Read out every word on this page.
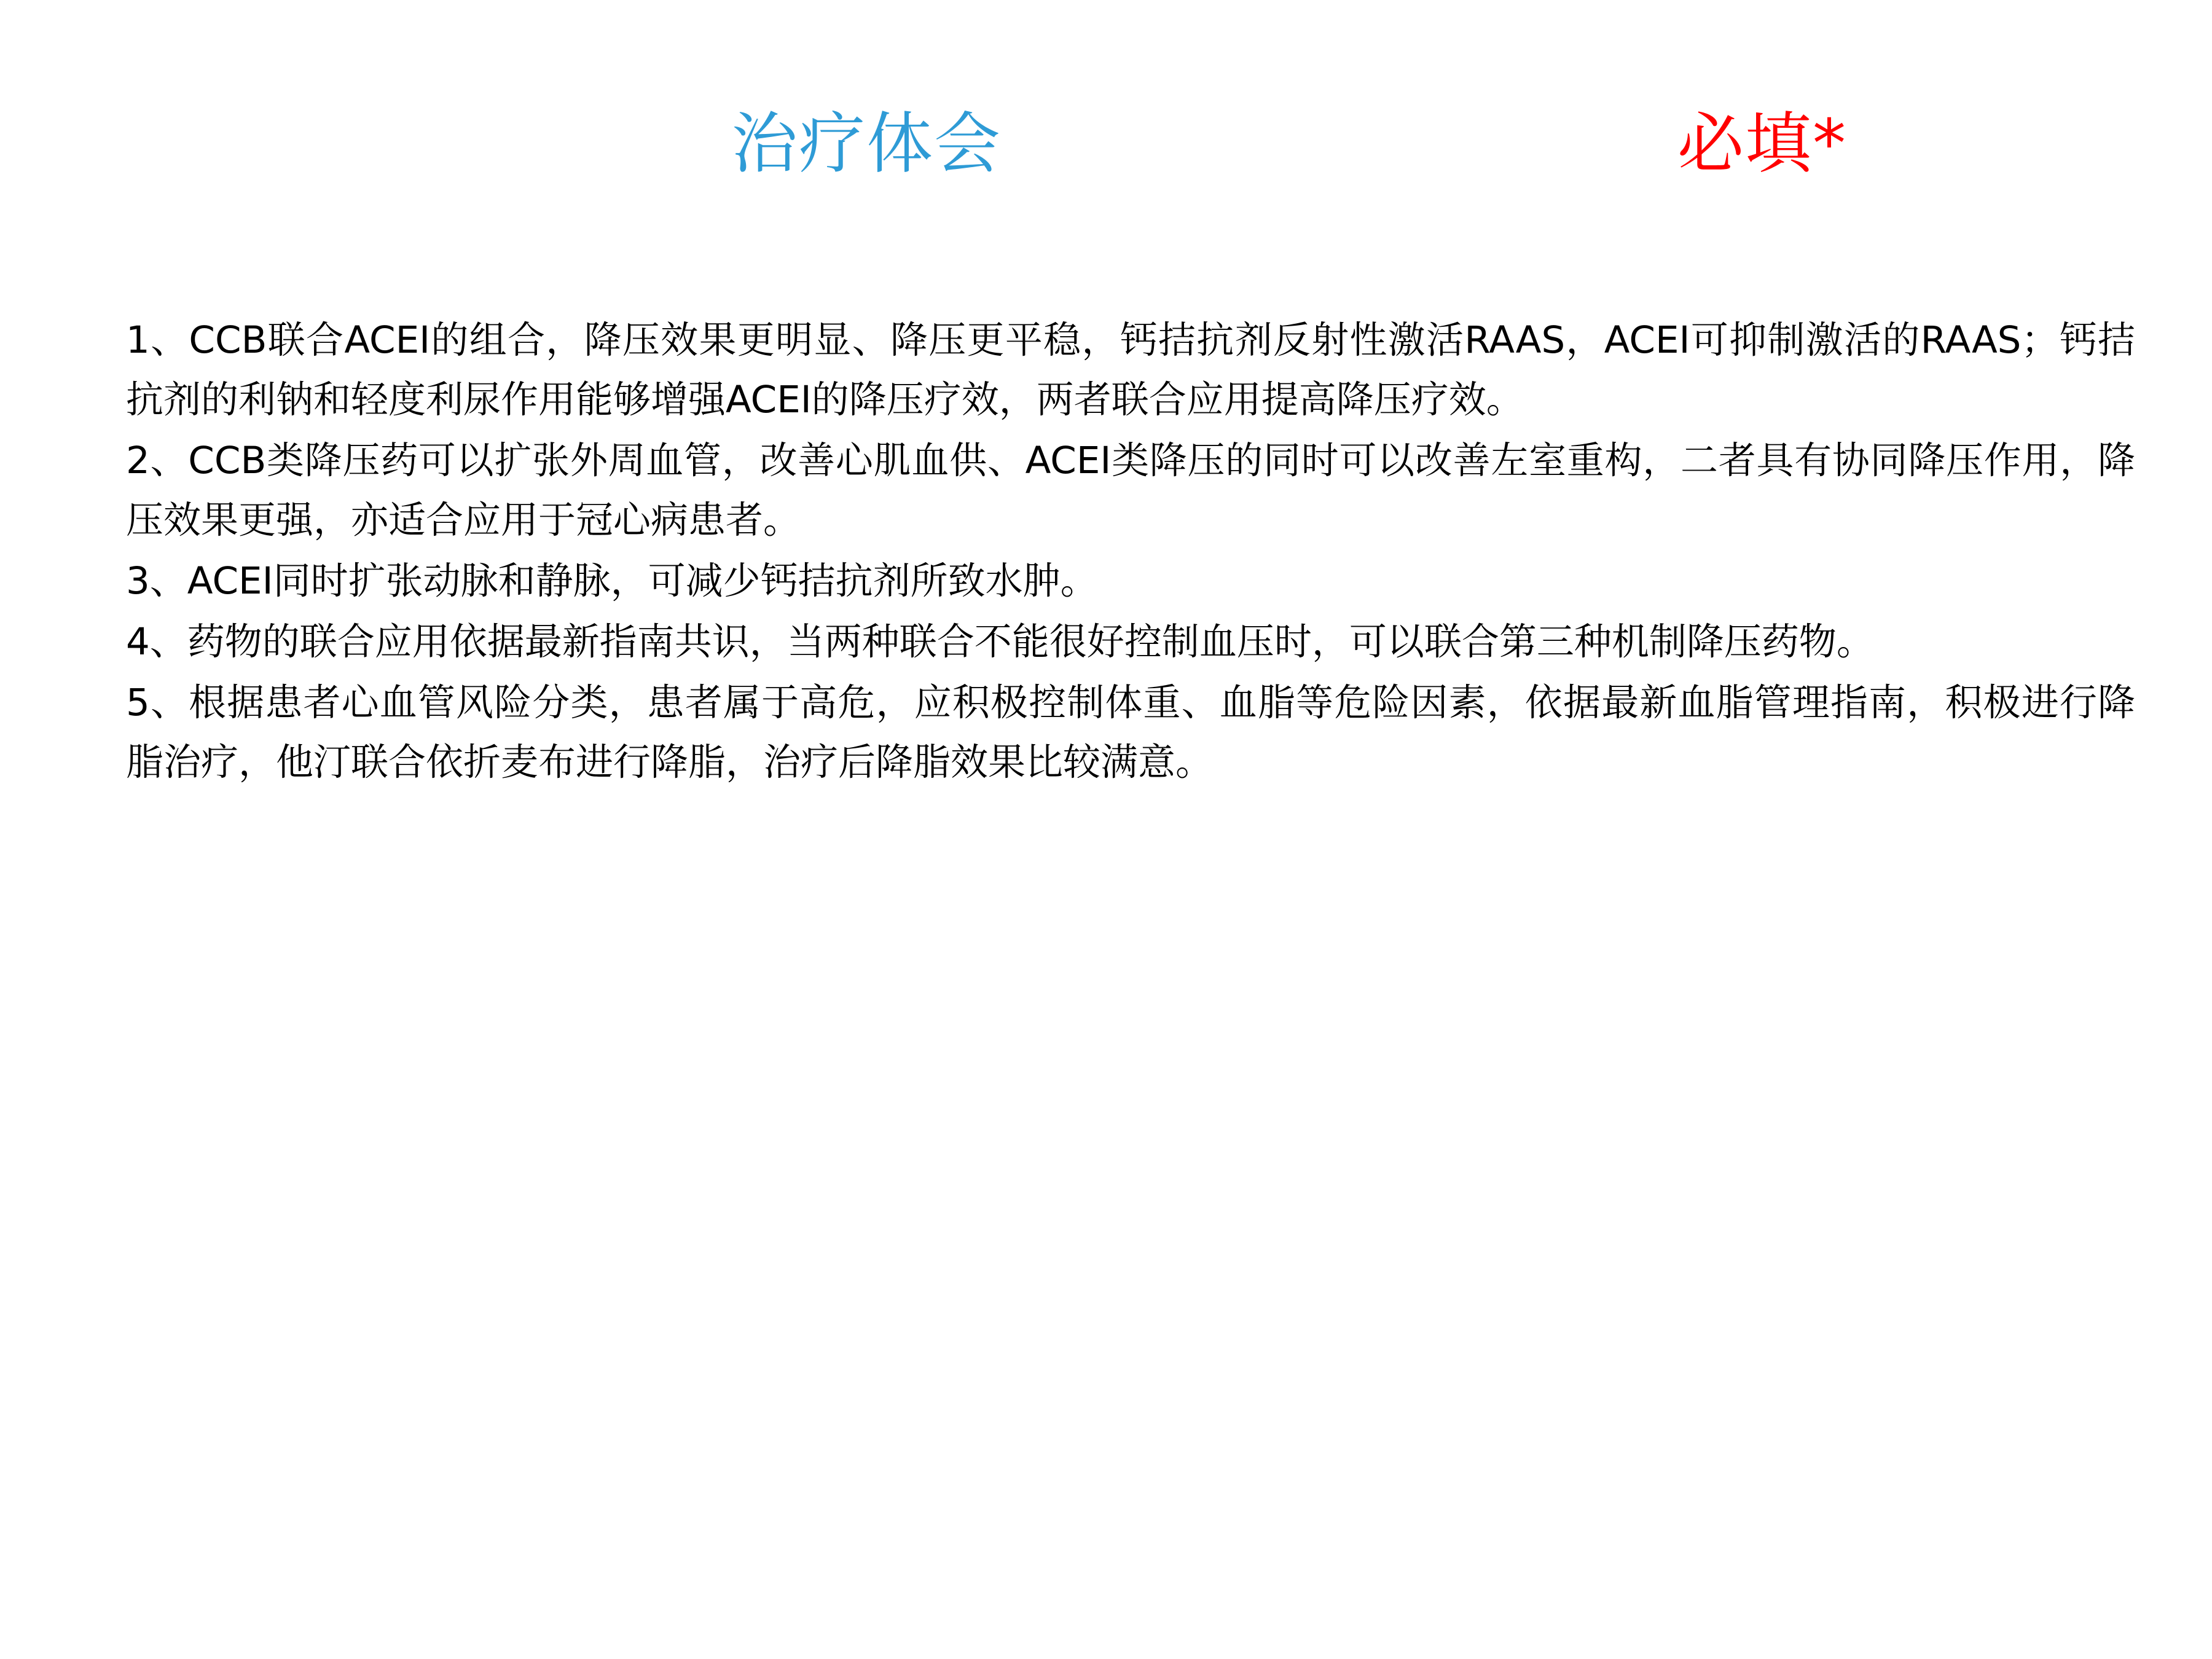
治疗体会	必填*

1、CCB联合ACEI的组合，降压效果更明显、降压更平稳，钙拮抗剂反射性激活RAAS，ACEI可抑制激活的RAAS；钙拮抗剂的利钠和轻度利尿作用能够增强ACEI的降压疗效，两者联合应用提高降压疗效。

2、CCB类降压药可以扩张外周血管，改善心肌血供、ACEI类降压的同时可以改善左室重构，二者具有协同降压作用，降压效果更强，亦适合应用于冠心病患者。

3、ACEI同时扩张动脉和静脉，可减少钙拮抗剂所致水肿。

4、药物的联合应用依据最新指南共识，当两种联合不能很好控制血压时，可以联合第三种机制降压药物。

5、根据患者心血管风险分类，患者属于高危，应积极控制体重、血脂等危险因素，依据最新血脂管理指南，积极进行降脂治疗，他汀联合依折麦布进行降脂，治疗后降脂效果比较满意。
